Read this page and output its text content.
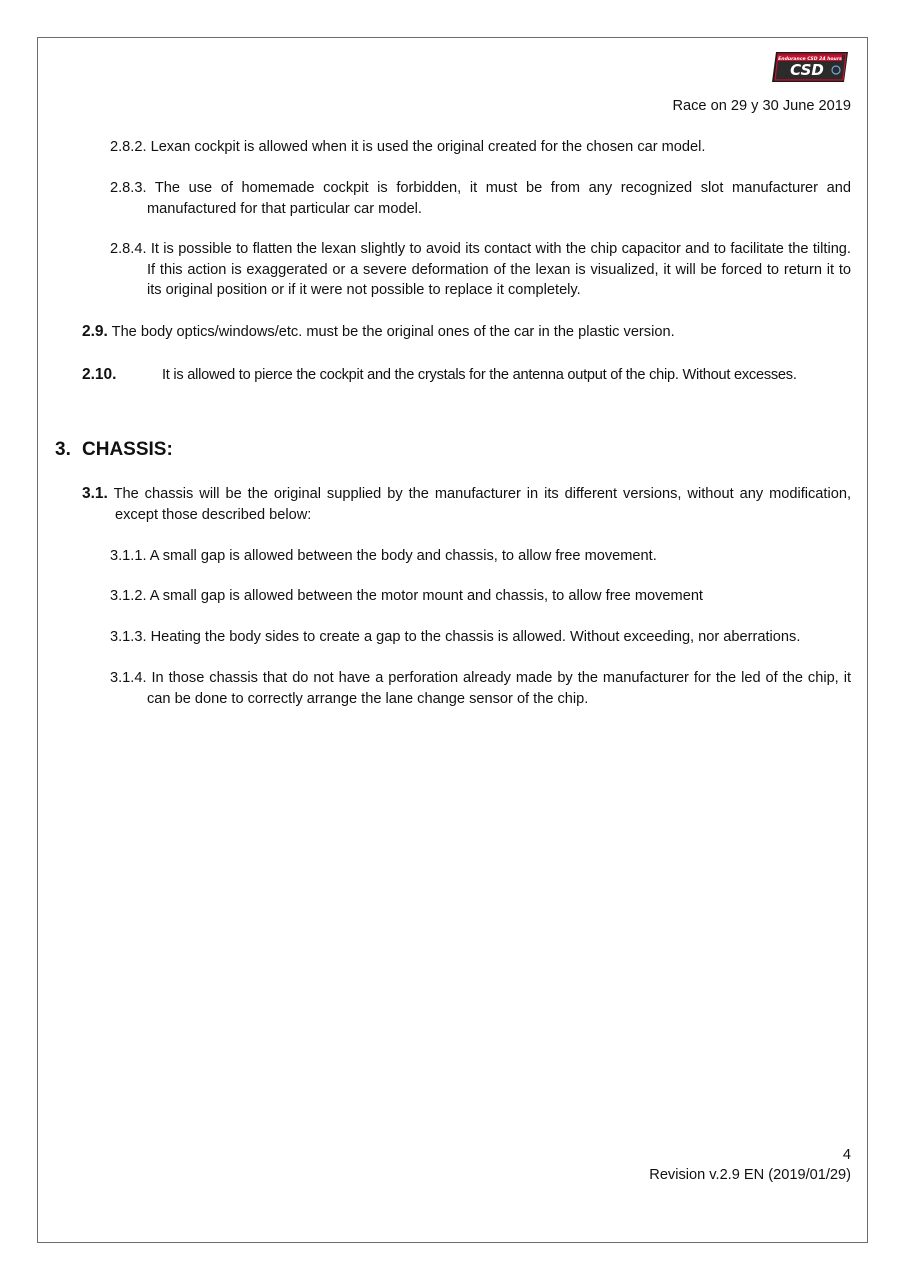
Endurance CSD 24 hours
CSD
Race on 29 y 30 June 2019
2.8.2. Lexan cockpit is allowed when it is used the original created for the chosen car model.
2.8.3. The use of homemade cockpit is forbidden, it must be from any recognized slot manufacturer and manufactured for that particular car model.
2.8.4. It is possible to flatten the lexan slightly to avoid its contact with the chip capacitor and to facilitate the tilting. If this action is exaggerated or a severe deformation of the lexan is visualized, it will be forced to return it to its original position or if it were not possible to replace it completely.
2.9. The body optics/windows/etc. must be the original ones of the car in the plastic version.
2.10.	It is allowed to pierce the cockpit and the crystals for the antenna output of the chip. Without excesses.
3. CHASSIS:
3.1. The chassis will be the original supplied by the manufacturer in its different versions, without any modification, except those described below:
3.1.1. A small gap is allowed between the body and chassis, to allow free movement.
3.1.2. A small gap is allowed between the motor mount and chassis, to allow free movement
3.1.3. Heating the body sides to create a gap to the chassis is allowed. Without exceeding, nor aberrations.
3.1.4. In those chassis that do not have a perforation already made by the manufacturer for the led of the chip, it can be done to correctly arrange the lane change sensor of the chip.
4
Revision v.2.9 EN (2019/01/29)
